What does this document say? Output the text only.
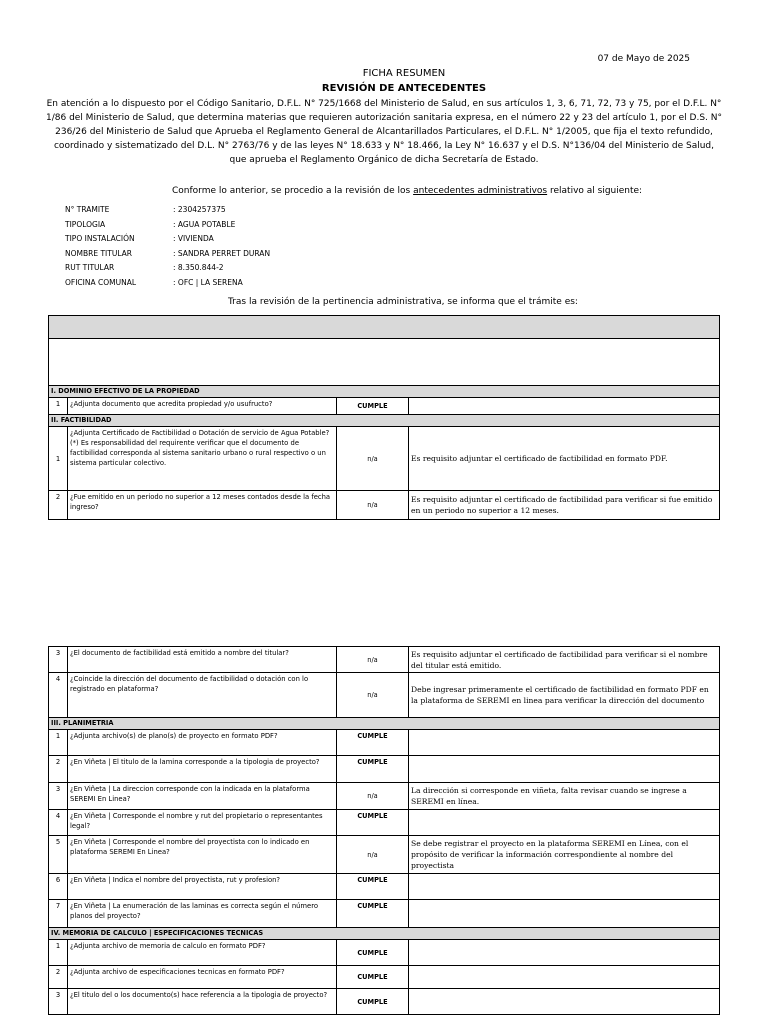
07 de Mayo de 2025
FICHA RESUMEN
REVISIÓN DE ANTECEDENTES
En atención a lo dispuesto por el Código Sanitario, D.F.L. N° 725/1668 del Ministerio de Salud, en sus artículos 1, 3, 6, 71, 72, 73 y 75, por el D.F.L. N° 1/86 del Ministerio de Salud, que determina materias que requieren autorización sanitaria expresa, en el número 22 y 23 del artículo 1, por el D.S. N° 236/26 del Ministerio de Salud que Aprueba el Reglamento General de Alcantarillados Particulares, el D.F.L. N° 1/2005, que fija el texto refundido, coordinado y sistematizado del D.L. N° 2763/76 y de las leyes N° 18.633 y N° 18.466, la Ley N° 16.637 y el D.S. N°136/04 del Ministerio de Salud, que aprueba el Reglamento Orgánico de dicha Secretaría de Estado.
Conforme lo anterior, se procedio a la revisión de los antecedentes administrativos relativo al siguiente:
N° TRAMITE	: 2304257375
TIPOLOGIA	: AGUA POTABLE
TIPO INSTALACIÓN	: VIVIENDA
NOMBRE TITULAR	: SANDRA PERRET DURAN
RUT TITULAR	: 8.350.844-2
OFICINA COMUNAL	: OFC | LA SERENA
Tras la revisión de la pertinencia administrativa, se informa que el trámite es:

I. DOMINIO EFECTIVO DE LA PROPIEDAD			
1	¿Adjunta documento que acredita propiedad y/o usufructo?	CUMPLE	
II. FACTIBILIDAD			
1	¿Adjunta Certificado de Factibilidad o Dotación de servicio de Agua Potable?
(*) Es responsabilidad del requirente verificar que el documento de factibilidad corresponda al sistema sanitario urbano o rural respectivo o un sistema particular colectivo.	n/a	Es requisito adjuntar el certificado de factibilidad en formato PDF.
2	¿Fue emitido en un periodo no superior a 12 meses contados desde la fecha ingreso?	n/a	Es requisito adjuntar el certificado de factibilidad para verificar si fue emitido en un periodo no superior a 12 meses.
3	¿El documento de factibilidad está emitido a nombre del titular?	n/a	Es requisito adjuntar el certificado de factibilidad para verificar si el nombre del titular está emitido.
4	¿Coincide la dirección del documento de factibilidad o dotación con lo registrado en plataforma?	n/a	Debe ingresar primeramente el certificado de factibilidad en formato PDF en la plataforma de SEREMI en linea para verificar la dirección del documento
III. PLANIMETRIA			
1	¿Adjunta archivo(s) de plano(s) de proyecto en formato PDF?	CUMPLE	
2	¿En Viñeta | El titulo de la lamina corresponde a la tipologia de proyecto?	CUMPLE	
3	¿En Viñeta | La direccion corresponde con la indicada en la plataforma SEREMI En Linea?	n/a	La dirección si corresponde en viñeta, falta revisar cuando se ingrese a SEREMI en línea.
4	¿En Viñeta | Corresponde el nombre y rut del propietario o representantes legal?	CUMPLE	
5	¿En Viñeta | Corresponde el nombre del proyectista con lo indicado en plataforma SEREMI En Linea?	n/a	Se debe registrar el proyecto en la plataforma SEREMI en Línea, con el propósito de verificar la información correspondiente al nombre del proyectista
6	¿En Viñeta | Indica el nombre del proyectista, rut y profesion?	CUMPLE	
7	¿En Viñeta | La enumeración de las laminas es correcta según el número planos del proyecto?	CUMPLE	
IV. MEMORIA DE CALCULO | ESPECIFICACIONES TECNICAS			
1	¿Adjunta archivo de memoria de calculo en formato PDF?	CUMPLE	
2	¿Adjunta archivo de especificaciones tecnicas en formato PDF?	CUMPLE	
3	¿El titulo del o los documento(s) hace referencia a la tipologia de proyecto?	CUMPLE	
